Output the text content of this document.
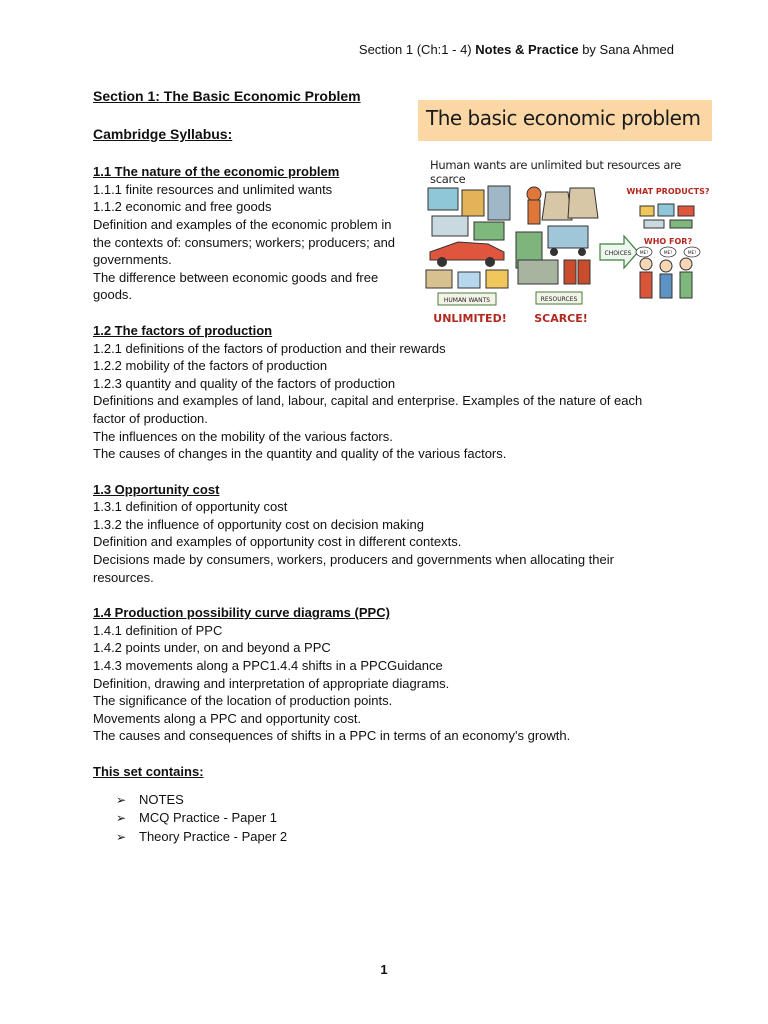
Section 1 (Ch:1 - 4) Notes & Practice by Sana Ahmed
The basic economic problem
Human wants are unlimited but resources are scarce
HUMAN WANTS
UNLIMITED!
RESOURCES
SCARCE!
CHOICES
WHAT PRODUCTS?
WHO FOR?
ME!	ME!	ME!
Section 1: The Basic Economic Problem
Cambridge Syllabus:
1.1 The nature of the economic problem
1.1.1 finite resources and unlimited wants
1.1.2 economic and free goods
Definition and examples of the economic problem in the contexts of: consumers; workers; producers; and governments.
The difference between economic goods and free goods.
1.2 The factors of production
1.2.1 definitions of the factors of production and their rewards
1.2.2 mobility of the factors of production
1.2.3 quantity and quality of the factors of production
Definitions and examples of land, labour, capital and enterprise. Examples of the nature of each factor of production.
The influences on the mobility of the various factors.
The causes of changes in the quantity and quality of the various factors.
1.3 Opportunity cost
1.3.1 definition of opportunity cost
1.3.2 the influence of opportunity cost on decision making
Definition and examples of opportunity cost in different contexts.
Decisions made by consumers, workers, producers and governments when allocating their resources.
1.4 Production possibility curve diagrams (PPC)
1.4.1 definition of PPC
1.4.2 points under, on and beyond a PPC
1.4.3 movements along a PPC1.4.4 shifts in a PPCGuidance
Definition, drawing and interpretation of appropriate diagrams.
The significance of the location of production points.
Movements along a PPC and opportunity cost.
The causes and consequences of shifts in a PPC in terms of an economy's growth.
This set contains:
➢ NOTES
➢ MCQ Practice - Paper 1
➢ Theory Practice - Paper 2
1
